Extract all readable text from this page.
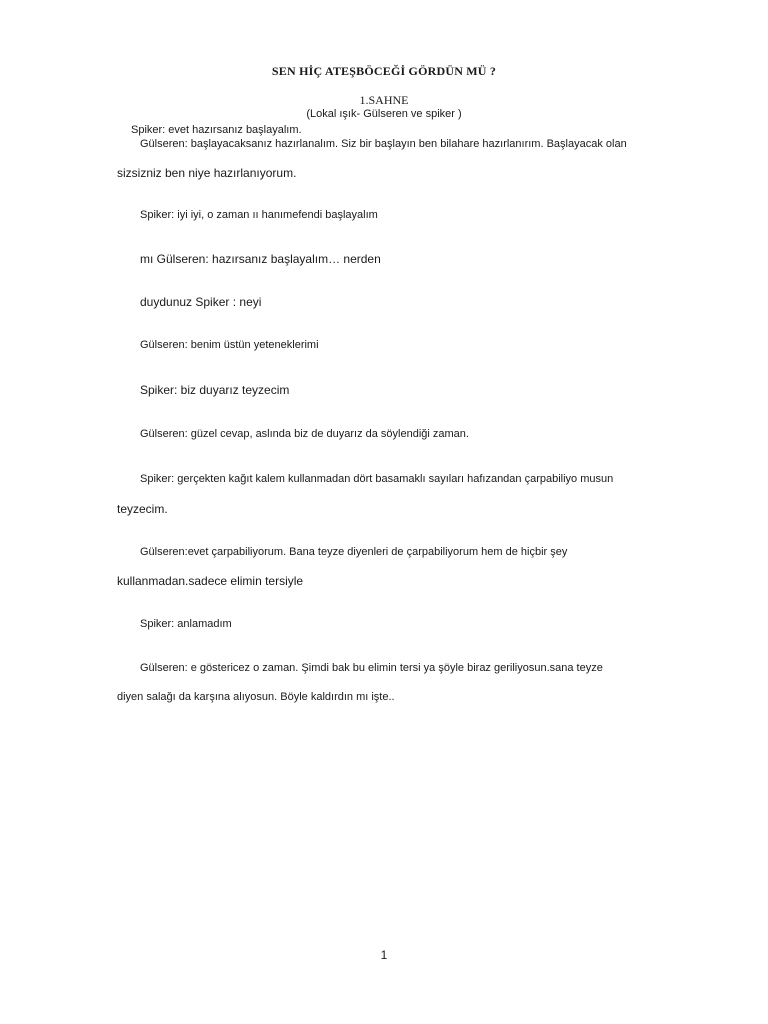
SEN HİÇ ATEŞBÖCEĞİ GÖRDÜN MÜ ?
1.SAHNE
(Lokal ışık- Gülseren ve spiker )
Spiker: evet hazırsanız başlayalım.
Gülseren: başlayacaksanız hazırlanalım. Siz bir başlayın ben bilahare hazırlanırım. Başlayacak olan
sizsizniz ben niye hazırlanıyorum.
Spiker: iyi iyi, o zaman ıı hanımefendi başlayalım
mı Gülseren: hazırsanız başlayalım… nerden
duydunuz Spiker : neyi
Gülseren: benim üstün yeteneklerimi
Spiker: biz duyarız teyzecim
Gülseren: güzel cevap, aslında biz de duyarız da söylendiği zaman.
Spiker: gerçekten kağıt kalem kullanmadan dört basamaklı sayıları hafızandan çarpabiliyo musun
teyzecim.
Gülseren:evet çarpabiliyorum. Bana teyze diyenleri de çarpabiliyorum hem de hiçbir şey
kullanmadan.sadece elimin tersiyle
Spiker: anlamadım
Gülseren: e göstericez o zaman. Şimdi bak bu elimin tersi ya şöyle biraz geriliyosun.sana teyze
diyen salağı da karşına alıyosun. Böyle kaldırdın mı işte..
1
